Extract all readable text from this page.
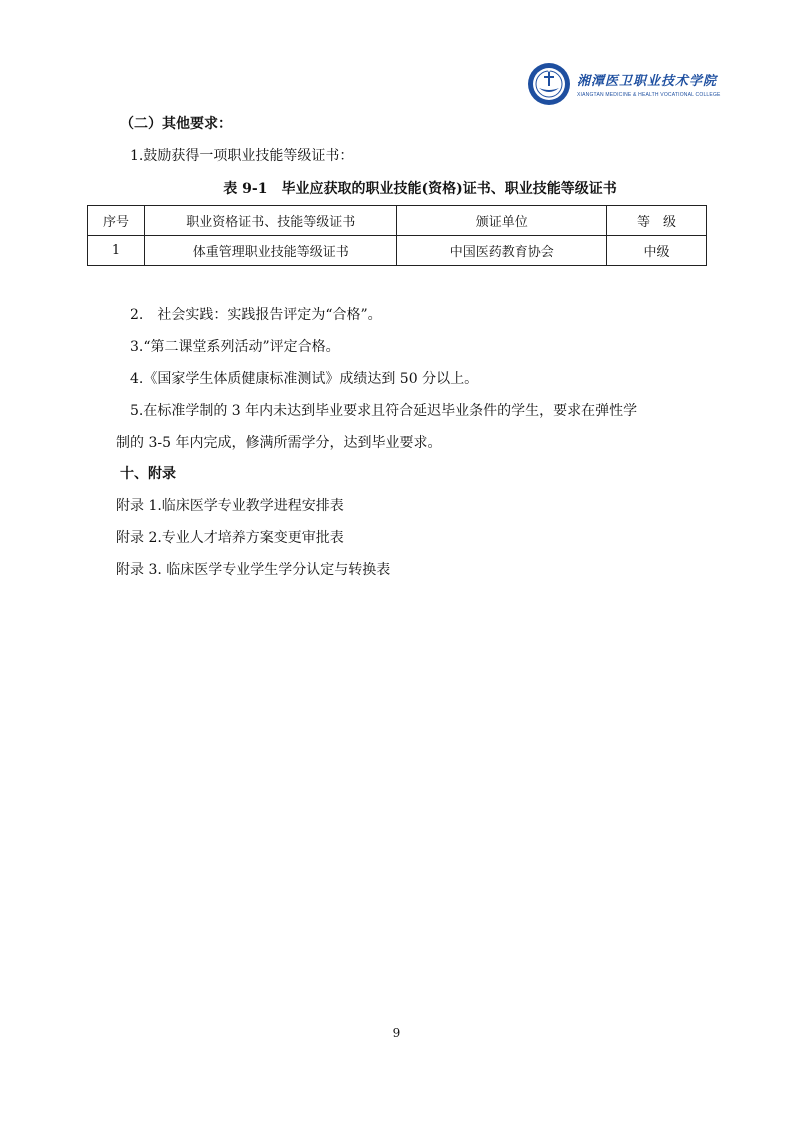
湘潭医卫职业技术学院
XIANGTAN MEDICINE & HEALTH VOCATIONAL COLLEGE
（二）其他要求：
1.鼓励获得一项职业技能等级证书：
表 9-1　毕业应获取的职业技能(资格)证书、职业技能等级证书
序号	职业资格证书、技能等级证书	颁证单位	等　级
1	体重管理职业技能等级证书	中国医药教育协会	中级
2.　社会实践：实践报告评定为“合格”。
3.“第二课堂系列活动”评定合格。
4.《国家学生体质健康标准测试》成绩达到 50 分以上。
5.在标准学制的 3 年内未达到毕业要求且符合延迟毕业条件的学生，要求在弹性学
制的 3-5 年内完成，修满所需学分，达到毕业要求。
十、附录
附录 1.临床医学专业教学进程安排表
附录 2.专业人才培养方案变更审批表
附录 3. 临床医学专业学生学分认定与转换表
9
